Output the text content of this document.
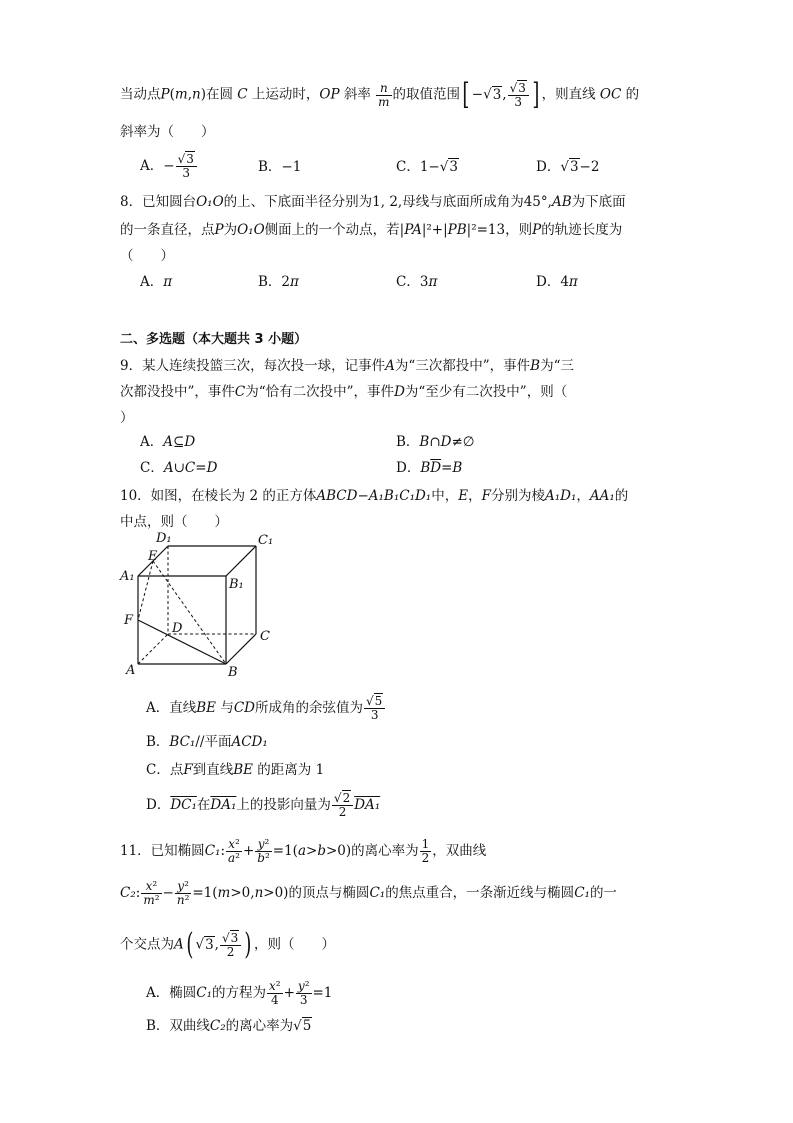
当动点P(m,n)在圆 C 上运动时，OP 斜率 $\frac{n}{m}$ 的取值范围[ −√3, $\frac{√3}{3}$ ] ，则直线 OC 的
斜率为（　　）
A．− $\frac{√3}{3}$	B．−1	C．1−√3	D．√3−2
8．已知圆台O₁O的上、下底面半径分别为1, 2,母线与底面所成角为45°,AB为下底面
的一条直径，点P为O₁O侧面上的一个动点，若|PA|²+|PB|²=13，则P的轨迹长度为
（　　）
A．π	B．2π	C．3π	D．4π
二、多选题（本大题共 3 小题）
9．某人连续投篮三次，每次投一球，记事件A为“三次都投中”，事件B为“三
次都没投中”，事件C为“恰有二次投中”，事件D为“至少有二次投中”，则（
）
A．A⊆D	B．B∩D≠∅
C．A∪C=D	D．$B\overline{D}=B$
10．如图，在棱长为 2 的正方体ABCD−A₁B₁C₁D₁中，E，F分别为棱A₁D₁，AA₁的
中点，则（　　）
D₁	C₁
E
A₁
B₁
F
D
C
A	B
A．直线BE 与CD所成角的余弦值为 $\frac{√5}{3}$
B．BC₁//平面ACD₁
C．点F到直线BE 的距离为 1
D．DC₁在DA₁上的投影向量为 $\frac{√2}{2} DA_1$
11．已知椭圆C₁: $\frac{\text{x²}}{\text{a²}} + \frac{\text{y²}}{\text{b²}} =1(a>b>0)$的离心率为 $\frac{1}{2}$ ，双曲线
C₂: $\frac{\text{x²}}{\text{m²}} - \frac{\text{y²}}{\text{n²}} =1(m>0,n>0)$的顶点与椭圆C₁的焦点重合，一条渐近线与椭圆C₁的一
个交点为A( √3, $\frac{√3}{2}$ ) ，则（　　）
A．椭圆C₁的方程为 $\frac{\text{x²}}{4} + \frac{\text{y²}}{3} =1$
B．双曲线C₂的离心率为√5
